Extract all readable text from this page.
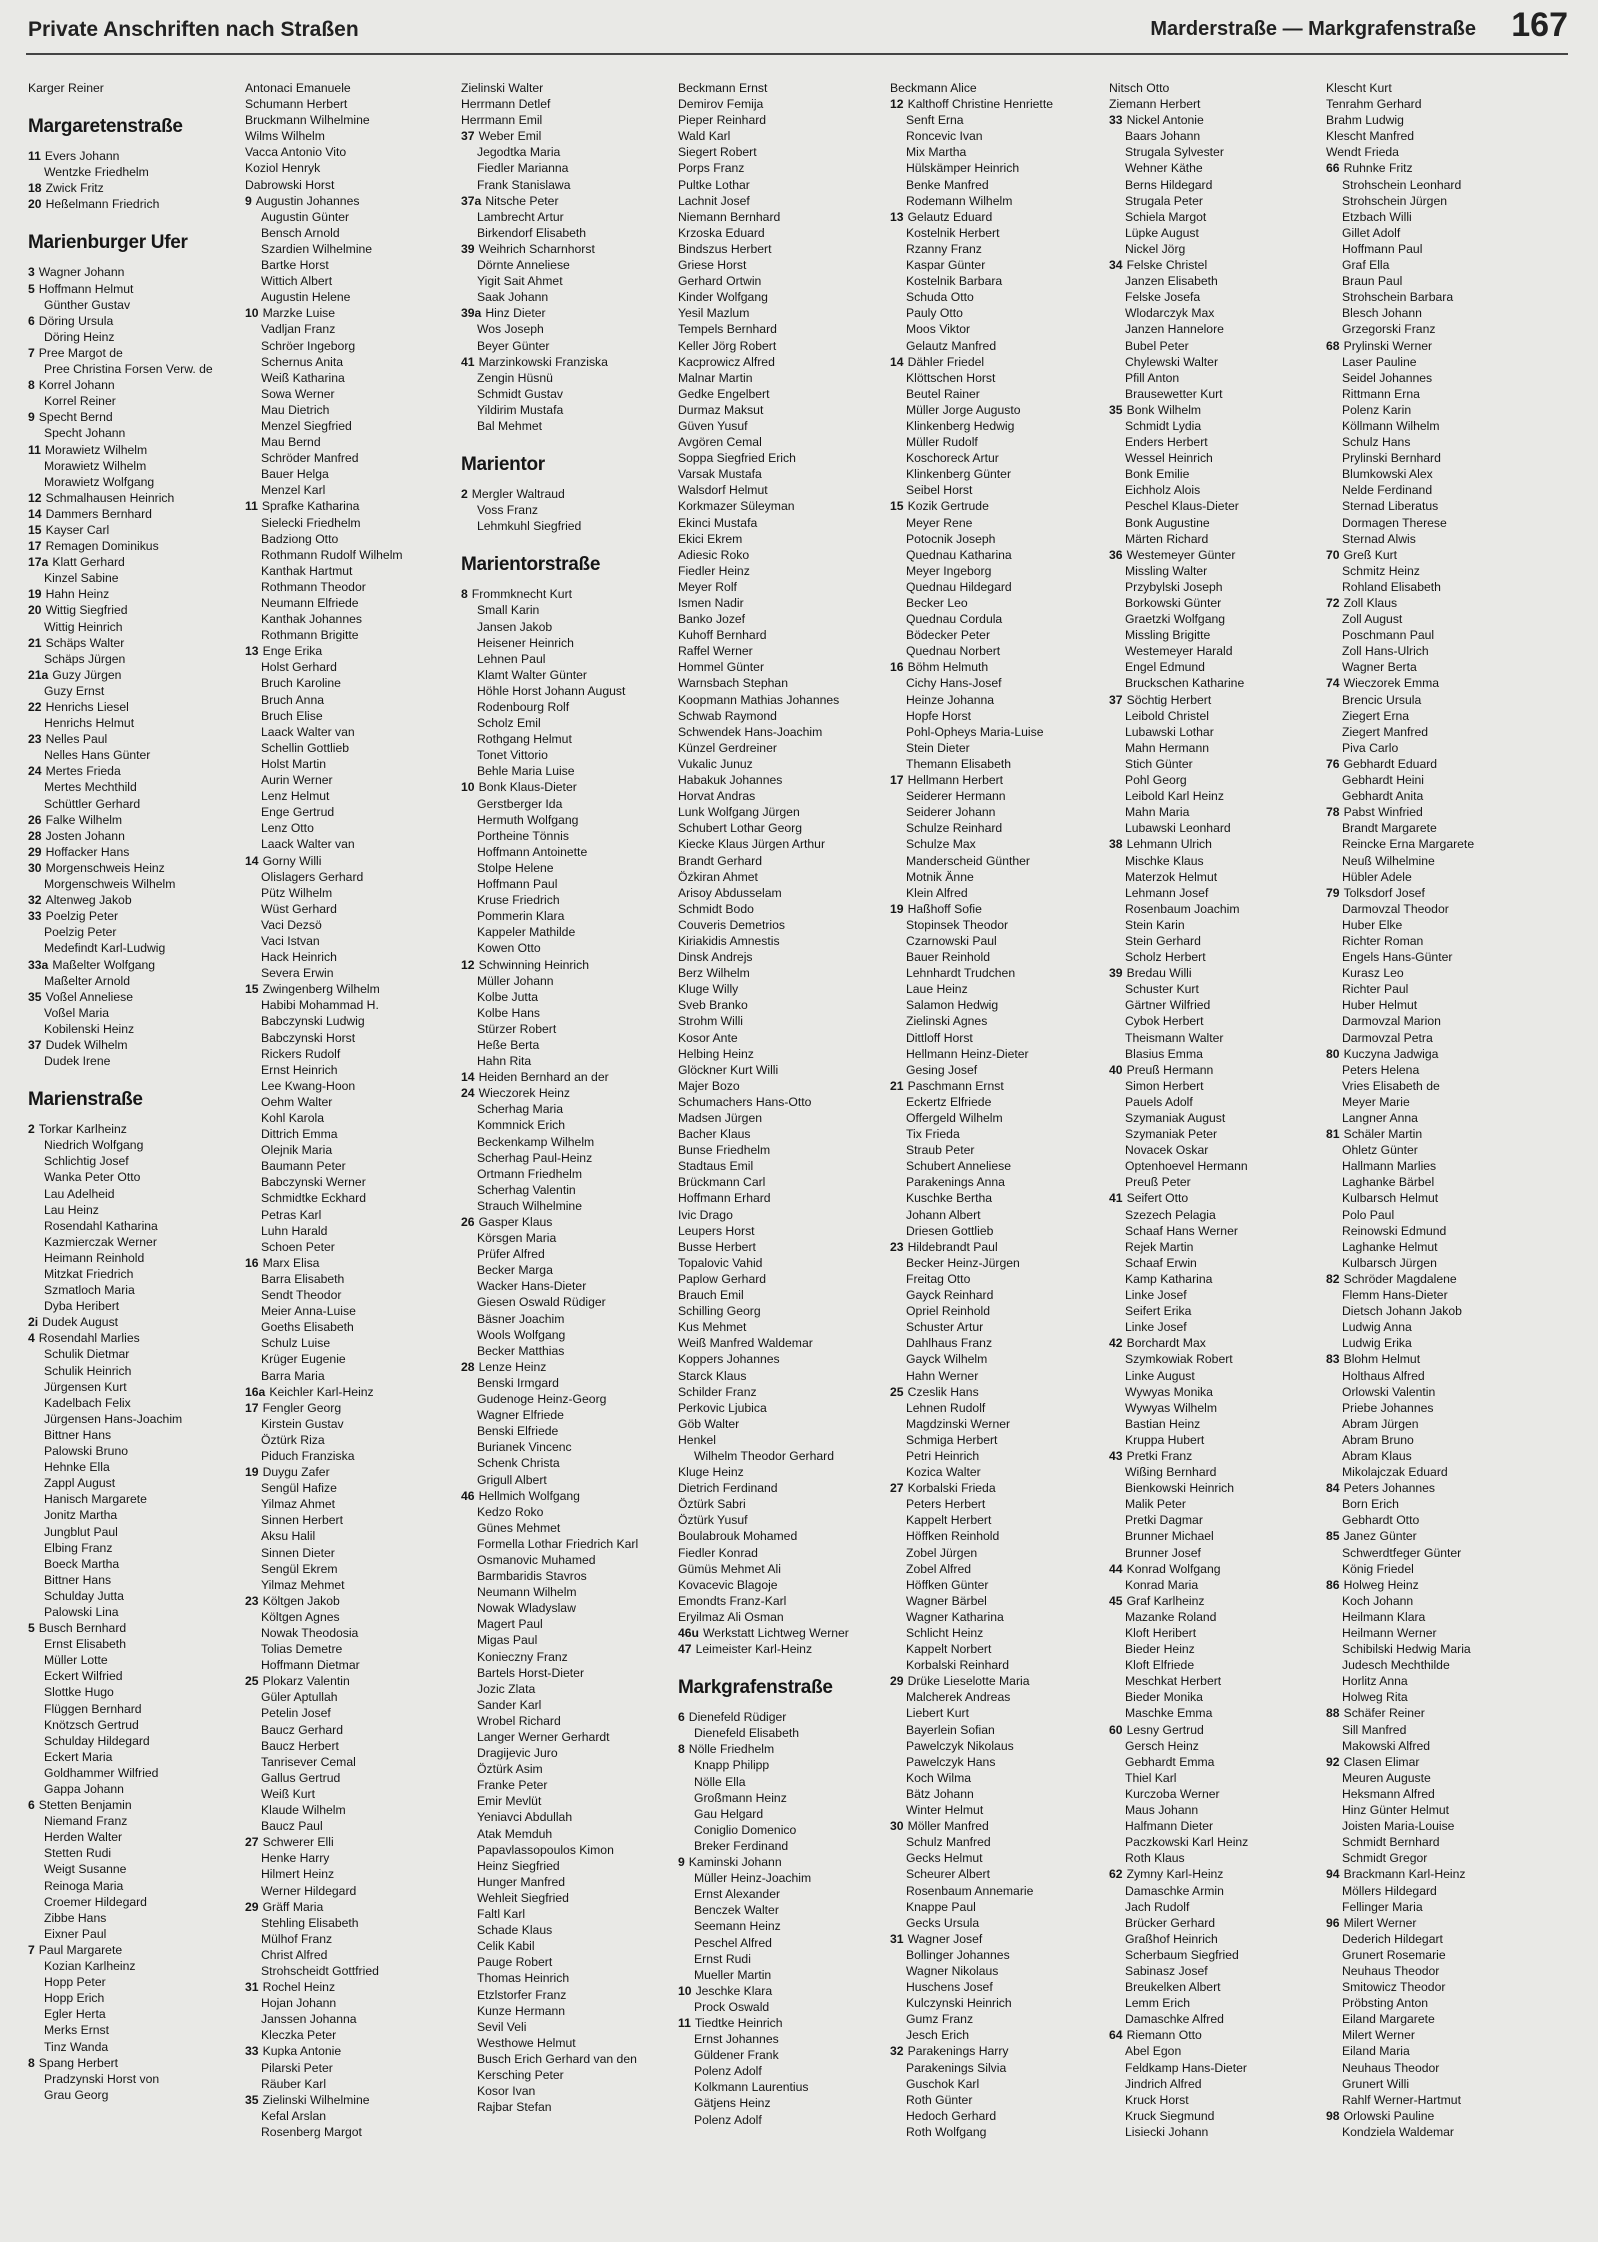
Private Anschriften nach Straßen	Marderstraße — Markgrafenstraße 167
Karger Reiner
Margaretenstraße
11 Evers Johann
Wentzke Friedhelm
18 Zwick Fritz
20 Heßelmann Friedrich
Marienburger Ufer
3 Wagner Johann
5 Hoffmann Helmut
Günther Gustav
6 Döring Ursula
Döring Heinz
7 Pree Margot de
Pree Christina Forsen Verw. de
8 Korrel Johann
Korrel Reiner
9 Specht Bernd
Specht Johann
11 Morawietz Wilhelm
Morawietz Wilhelm
Morawietz Wolfgang
12 Schmalhausen Heinrich
14 Dammers Bernhard
15 Kayser Carl
17 Remagen Dominikus
17a Klatt Gerhard
Kinzel Sabine
19 Hahn Heinz
20 Wittig Siegfried
Wittig Heinrich
21 Schäps Walter
Schäps Jürgen
21a Guzy Jürgen
Guzy Ernst
22 Henrichs Liesel
Henrichs Helmut
23 Nelles Paul
Nelles Hans Günter
24 Mertes Frieda
Mertes Mechthild
Schüttler Gerhard
26 Falke Wilhelm
28 Josten Johann
29 Hoffacker Hans
30 Morgenschweis Heinz
Morgenschweis Wilhelm
32 Altenweg Jakob
33 Poelzig Peter
Poelzig Peter
Medefindt Karl-Ludwig
33a Maßelter Wolfgang
Maßelter Arnold
35 Voßel Anneliese
Voßel Maria
Kobilenski Heinz
37 Dudek Wilhelm
Dudek Irene
Marienstraße
2 Torkar Karlheinz
Niedrich Wolfgang
Schlichtig Josef
Wanka Peter Otto
Lau Adelheid
Lau Heinz
Rosendahl Katharina
Kazmierczak Werner
Heimann Reinhold
Mitzkat Friedrich
Szmatloch Maria
Dyba Heribert
2i Dudek August
4 Rosendahl Marlies
Schulik Dietmar
Schulik Heinrich
Jürgensen Kurt
Kadelbach Felix
Jürgensen Hans-Joachim
Bittner Hans
Palowski Bruno
Hehnke Ella
Zappl August
Hanisch Margarete
Jonitz Martha
Jungblut Paul
Elbing Franz
Boeck Martha
Bittner Hans
Schulday Jutta
Palowski Lina
5 Busch Bernhard
Ernst Elisabeth
Müller Lotte
Eckert Wilfried
Slottke Hugo
Flüggen Bernhard
Knötzsch Gertrud
Schulday Hildegard
Eckert Maria
Goldhammer Wilfried
Gappa Johann
6 Stetten Benjamin
Niemand Franz
Herden Walter
Stetten Rudi
Weigt Susanne
Reinoga Maria
Croemer Hildegard
Zibbe Hans
Eixner Paul
7 Paul Margarete
Kozian Karlheinz
Hopp Peter
Hopp Erich
Egler Herta
Merks Ernst
Tinz Wanda
8 Spang Herbert
Pradzynski Horst von
Grau Georg
Antonaci Emanuele
Schumann Herbert
Bruckmann Wilhelmine
Wilms Wilhelm
Vacca Antonio Vito
Koziol Henryk
Dabrowski Horst
9 Augustin Johannes
Augustin Günter
Bensch Arnold
Szardien Wilhelmine
Bartke Horst
Wittich Albert
Augustin Helene
10 Marzke Luise
Vadljan Franz
Schröer Ingeborg
Schernus Anita
Weiß Katharina
Sowa Werner
Mau Dietrich
Menzel Siegfried
Mau Bernd
Schröder Manfred
Bauer Helga
Menzel Karl
11 Sprafke Katharina
Sielecki Friedhelm
Badziong Otto
Rothmann Rudolf Wilhelm
Kanthak Hartmut
Rothmann Theodor
Neumann Elfriede
Kanthak Johannes
Rothmann Brigitte
13 Enge Erika
Holst Gerhard
Bruch Karoline
Bruch Anna
Bruch Elise
Laack Walter van
Schellin Gottlieb
Holst Martin
Aurin Werner
Lenz Helmut
Enge Gertrud
Lenz Otto
Laack Walter van
14 Gorny Willi
Olislagers Gerhard
Pütz Wilhelm
Wüst Gerhard
Vaci Dezsö
Vaci Istvan
Hack Heinrich
Severa Erwin
15 Zwingenberg Wilhelm
Habibi Mohammad H.
Babczynski Ludwig
Babczynski Horst
Rickers Rudolf
Ernst Heinrich
Lee Kwang-Hoon
Oehm Walter
Kohl Karola
Dittrich Emma
Olejnik Maria
Baumann Peter
Babczynski Werner
Schmidtke Eckhard
Petras Karl
Luhn Harald
Schoen Peter
16 Marx Elisa
Barra Elisabeth
Sendt Theodor
Meier Anna-Luise
Goeths Elisabeth
Schulz Luise
Krüger Eugenie
Barra Maria
16a Keichler Karl-Heinz
17 Fengler Georg
Kirstein Gustav
Öztürk Riza
Piduch Franziska
19 Duygu Zafer
Sengül Hafize
Yilmaz Ahmet
Sinnen Herbert
Aksu Halil
Sinnen Dieter
Sengül Ekrem
Yilmaz Mehmet
23 Költgen Jakob
Költgen Agnes
Nowak Theodosia
Tolias Demetre
Hoffmann Dietmar
25 Plokarz Valentin
Güler Aptullah
Petelin Josef
Baucz Gerhard
Baucz Herbert
Tanrisever Cemal
Gallus Gertrud
Weiß Kurt
Klaude Wilhelm
Baucz Paul
27 Schwerer Elli
Henke Harry
Hilmert Heinz
Werner Hildegard
29 Gräff Maria
Stehling Elisabeth
Mülhof Franz
Christ Alfred
Strohscheidt Gottfried
31 Rochel Heinz
Hojan Johann
Janssen Johanna
Kleczka Peter
33 Kupka Antonie
Pilarski Peter
Räuber Karl
35 Zielinski Wilhelmine
Kefal Arslan
Rosenberg Margot
Zielinski Walter
Herrmann Detlef
Herrmann Emil
37 Weber Emil
Jegodtka Maria
Fiedler Marianna
Frank Stanislawa
37a Nitsche Peter
Lambrecht Artur
Birkendorf Elisabeth
39 Weihrich Scharnhorst
Dörnte Anneliese
Yigit Sait Ahmet
Saak Johann
39a Hinz Dieter
Wos Joseph
Beyer Günter
41 Marzinkowski Franziska
Zengin Hüsnü
Schmidt Gustav
Yildirim Mustafa
Bal Mehmet
Marientor
2 Mergler Waltraud
Voss Franz
Lehmkuhl Siegfried
Marientorstraße
8 Frommknecht Kurt
Small Karin
Jansen Jakob
Heisener Heinrich
Lehnen Paul
Klamt Walter Günter
Höhle Horst Johann August
Rodenbourg Rolf
Scholz Emil
Rothgang Helmut
Tonet Vittorio
Behle Maria Luise
10 Bonk Klaus-Dieter
Gerstberger Ida
Hermuth Wolfgang
Portheine Tönnis
Hoffmann Antoinette
Stolpe Helene
Hoffmann Paul
Kruse Friedrich
Pommerin Klara
Kappeler Mathilde
Kowen Otto
12 Schwinning Heinrich
Müller Johann
Kolbe Jutta
Kolbe Hans
Stürzer Robert
Heße Berta
Hahn Rita
14 Heiden Bernhard an der
24 Wieczorek Heinz
Scherhag Maria
Kommnick Erich
Beckenkamp Wilhelm
Scherhag Paul-Heinz
Ortmann Friedhelm
Scherhag Valentin
Strauch Wilhelmine
26 Gasper Klaus
Körsgen Maria
Prüfer Alfred
Becker Marga
Wacker Hans-Dieter
Giesen Oswald Rüdiger
Bäsner Joachim
Wools Wolfgang
Becker Matthias
28 Lenze Heinz
Benski Irmgard
Gudenoge Heinz-Georg
Wagner Elfriede
Benski Elfriede
Burianek Vincenc
Schenk Christa
Grigull Albert
46 Hellmich Wolfgang
Kedzo Roko
Günes Mehmet
Formella Lothar Friedrich Karl
Osmanovic Muhamed
Barmbaridis Stavros
Neumann Wilhelm
Nowak Wladyslaw
Magert Paul
Migas Paul
Konieczny Franz
Bartels Horst-Dieter
Jozic Zlata
Sander Karl
Wrobel Richard
Langer Werner Gerhardt
Dragijevic Juro
Öztürk Asim
Franke Peter
Emir Mevlüt
Yeniavci Abdullah
Atak Memduh
Papavlassopoulos Kimon
Heinz Siegfried
Hunger Manfred
Wehleit Siegfried
Faltl Karl
Schade Klaus
Celik Kabil
Pauge Robert
Thomas Heinrich
Etzlstorfer Franz
Kunze Hermann
Sevil Veli
Westhowe Helmut
Busch Erich Gerhard van den
Kersching Peter
Kosor Ivan
Rajbar Stefan
Beckmann Ernst
Demirov Femija
Pieper Reinhard
Wald Karl
Siegert Robert
Porps Franz
Pultke Lothar
Lachnit Josef
Niemann Bernhard
Krzoska Eduard
Bindszus Herbert
Griese Horst
Gerhard Ortwin
Kinder Wolfgang
Yesil Mazlum
Tempels Bernhard
Keller Jörg Robert
Kacprowicz Alfred
Malnar Martin
Gedke Engelbert
Durmaz Maksut
Güven Yusuf
Avgören Cemal
Soppa Siegfried Erich
Varsak Mustafa
Walsdorf Helmut
Korkmazer Süleyman
Ekinci Mustafa
Ekici Ekrem
Adiesic Roko
Fiedler Heinz
Meyer Rolf
Ismen Nadir
Banko Jozef
Kuhoff Bernhard
Raffel Werner
Hommel Günter
Warnsbach Stephan
Koopmann Mathias Johannes
Schwab Raymond
Schwendek Hans-Joachim
Künzel Gerdreiner
Vukalic Junuz
Habakuk Johannes
Horvat Andras
Lunk Wolfgang Jürgen
Schubert Lothar Georg
Kiecke Klaus Jürgen Arthur
Brandt Gerhard
Özkiran Ahmet
Arisoy Abdusselam
Schmidt Bodo
Couveris Demetrios
Kiriakidis Amnestis
Dinsk Andrejs
Berz Wilhelm
Kluge Willy
Sveb Branko
Strohm Willi
Kosor Ante
Helbing Heinz
Glöckner Kurt Willi
Majer Bozo
Schumachers Hans-Otto
Madsen Jürgen
Bacher Klaus
Bunse Friedhelm
Stadtaus Emil
Brückmann Carl
Hoffmann Erhard
Ivic Drago
Leupers Horst
Busse Herbert
Topalovic Vahid
Paplow Gerhard
Brauch Emil
Schilling Georg
Kus Mehmet
Weiß Manfred Waldemar
Koppers Johannes
Starck Klaus
Schilder Franz
Perkovic Ljubica
Göb Walter
Henkel
Wilhelm Theodor Gerhard
Kluge Heinz
Dietrich Ferdinand
Öztürk Sabri
Öztürk Yusuf
Boulabrouk Mohamed
Fiedler Konrad
Gümüs Mehmet Ali
Kovacevic Blagoje
Emondts Franz-Karl
Eryilmaz Ali Osman
46u Werkstatt Lichtweg Werner
47 Leimeister Karl-Heinz
Markgrafenstraße
6 Dienefeld Rüdiger
Dienefeld Elisabeth
8 Nölle Friedhelm
Knapp Philipp
Nölle Ella
Großmann Heinz
Gau Helgard
Coniglio Domenico
Breker Ferdinand
9 Kaminski Johann
Müller Heinz-Joachim
Ernst Alexander
Benczek Walter
Seemann Heinz
Peschel Alfred
Ernst Rudi
Mueller Martin
10 Jeschke Klara
Prock Oswald
11 Tiedtke Heinrich
Ernst Johannes
Güldener Frank
Polenz Adolf
Kolkmann Laurentius
Gätjens Heinz
Polenz Adolf
Beckmann Alice
12 Kalthoff Christine Henriette
Senft Erna
Roncevic Ivan
Mix Martha
Hülskämper Heinrich
Benke Manfred
Rodemann Wilhelm
13 Gelautz Eduard
Kostelnik Herbert
Rzanny Franz
Kaspar Günter
Kostelnik Barbara
Schuda Otto
Pauly Otto
Moos Viktor
Gelautz Manfred
14 Dähler Friedel
Klöttschen Horst
Beutel Rainer
Müller Jorge Augusto
Klinkenberg Hedwig
Müller Rudolf
Koschoreck Artur
Klinkenberg Günter
Seibel Horst
15 Kozik Gertrude
Meyer Rene
Potocnik Joseph
Quednau Katharina
Meyer Ingeborg
Quednau Hildegard
Becker Leo
Quednau Cordula
Bödecker Peter
Quednau Norbert
16 Böhm Helmuth
Cichy Hans-Josef
Heinze Johanna
Hopfe Horst
Pohl-Opheys Maria-Luise
Stein Dieter
Themann Elisabeth
17 Hellmann Herbert
Seiderer Hermann
Seiderer Johann
Schulze Reinhard
Schulze Max
Manderscheid Günther
Motnik Änne
Klein Alfred
19 Haßhoff Sofie
Stopinsek Theodor
Czarnowski Paul
Bauer Reinhold
Lehnhardt Trudchen
Laue Heinz
Salamon Hedwig
Zielinski Agnes
Dittloff Horst
Hellmann Heinz-Dieter
Gesing Josef
21 Paschmann Ernst
Eckertz Elfriede
Offergeld Wilhelm
Tix Frieda
Straub Peter
Schubert Anneliese
Parakenings Anna
Kuschke Bertha
Johann Albert
Driesen Gottlieb
23 Hildebrandt Paul
Becker Heinz-Jürgen
Freitag Otto
Gayck Reinhard
Opriel Reinhold
Schuster Artur
Dahlhaus Franz
Gayck Wilhelm
Hahn Werner
25 Czeslik Hans
Lehnen Rudolf
Magdzinski Werner
Schmiga Herbert
Petri Heinrich
Kozica Walter
27 Korbalski Frieda
Peters Herbert
Kappelt Herbert
Höffken Reinhold
Zobel Jürgen
Zobel Alfred
Höffken Günter
Wagner Bärbel
Wagner Katharina
Schlicht Heinz
Kappelt Norbert
Korbalski Reinhard
29 Drüke Lieselotte Maria
Malcherek Andreas
Liebert Kurt
Bayerlein Sofian
Pawelczyk Nikolaus
Pawelczyk Hans
Koch Wilma
Bätz Johann
Winter Helmut
30 Möller Manfred
Schulz Manfred
Gecks Helmut
Scheurer Albert
Rosenbaum Annemarie
Knappe Paul
Gecks Ursula
31 Wagner Josef
Bollinger Johannes
Wagner Nikolaus
Huschens Josef
Kulczynski Heinrich
Gumz Franz
Jesch Erich
32 Parakenings Harry
Parakenings Silvia
Guschok Karl
Roth Günter
Hedoch Gerhard
Roth Wolfgang
Nitsch Otto
Ziemann Herbert
33 Nickel Antonie
Baars Johann
Strugala Sylvester
Wehner Käthe
Berns Hildegard
Strugala Peter
Schiela Margot
Lüpke August
Nickel Jörg
34 Felske Christel
Janzen Elisabeth
Felske Josefa
Wlodarczyk Max
Janzen Hannelore
Bubel Peter
Chylewski Walter
Pfill Anton
Brausewetter Kurt
35 Bonk Wilhelm
Schmidt Lydia
Enders Herbert
Wessel Heinrich
Bonk Emilie
Eichholz Alois
Peschel Klaus-Dieter
Bonk Augustine
Märten Richard
36 Westemeyer Günter
Missling Walter
Przybylski Joseph
Borkowski Günter
Graetzki Wolfgang
Missling Brigitte
Westemeyer Harald
Engel Edmund
Bruckschen Katharine
37 Söchtig Herbert
Leibold Christel
Lubawski Lothar
Mahn Hermann
Stich Günter
Pohl Georg
Leibold Karl Heinz
Mahn Maria
Lubawski Leonhard
38 Lehmann Ulrich
Mischke Klaus
Materzok Helmut
Lehmann Josef
Rosenbaum Joachim
Stein Karin
Stein Gerhard
Scholz Herbert
39 Bredau Willi
Schuster Kurt
Gärtner Wilfried
Cybok Herbert
Theismann Walter
Blasius Emma
40 Preuß Hermann
Simon Herbert
Pauels Adolf
Szymaniak August
Szymaniak Peter
Novacek Oskar
Optenhoevel Hermann
Preuß Peter
41 Seifert Otto
Szezech Pelagia
Schaaf Hans Werner
Rejek Martin
Schaaf Erwin
Kamp Katharina
Linke Josef
Seifert Erika
Linke Josef
42 Borchardt Max
Szymkowiak Robert
Linke August
Wywyas Monika
Wywyas Wilhelm
Bastian Heinz
Kruppa Hubert
43 Pretki Franz
Wißing Bernhard
Bienkowski Heinrich
Malik Peter
Pretki Dagmar
Brunner Michael
Brunner Josef
44 Konrad Wolfgang
Konrad Maria
45 Graf Karlheinz
Mazanke Roland
Kloft Heribert
Bieder Heinz
Kloft Elfriede
Meschkat Herbert
Bieder Monika
Maschke Emma
60 Lesny Gertrud
Gersch Heinz
Gebhardt Emma
Thiel Karl
Kurczoba Werner
Maus Johann
Halfmann Dieter
Paczkowski Karl Heinz
Roth Klaus
62 Zymny Karl-Heinz
Damaschke Armin
Jach Rudolf
Brücker Gerhard
Graßhof Heinrich
Scherbaum Siegfried
Sabinasz Josef
Breukelken Albert
Lemm Erich
Damaschke Alfred
64 Riemann Otto
Abel Egon
Feldkamp Hans-Dieter
Jindrich Alfred
Kruck Horst
Kruck Siegmund
Lisiecki Johann
Klescht Kurt
Tenrahm Gerhard
Brahm Ludwig
Klescht Manfred
Wendt Frieda
66 Ruhnke Fritz
Strohschein Leonhard
Strohschein Jürgen
Etzbach Willi
Gillet Adolf
Hoffmann Paul
Graf Ella
Braun Paul
Strohschein Barbara
Blesch Johann
Grzegorski Franz
68 Prylinski Werner
Laser Pauline
Seidel Johannes
Rittmann Erna
Polenz Karin
Köllmann Wilhelm
Schulz Hans
Prylinski Bernhard
Blumkowski Alex
Nelde Ferdinand
Sternad Liberatus
Dormagen Therese
Sternad Alwis
70 Greß Kurt
Schmitz Heinz
Rohland Elisabeth
72 Zoll Klaus
Zoll August
Poschmann Paul
Zoll Hans-Ulrich
Wagner Berta
74 Wieczorek Emma
Brencic Ursula
Ziegert Erna
Ziegert Manfred
Piva Carlo
76 Gebhardt Eduard
Gebhardt Heini
Gebhardt Anita
78 Pabst Winfried
Brandt Margarete
Reincke Erna Margarete
Neuß Wilhelmine
Hübler Adele
79 Tolksdorf Josef
Darmovzal Theodor
Huber Elke
Richter Roman
Engels Hans-Günter
Kurasz Leo
Richter Paul
Huber Helmut
Darmovzal Marion
Darmovzal Petra
80 Kuczyna Jadwiga
Peters Helena
Vries Elisabeth de
Meyer Marie
Langner Anna
81 Schäler Martin
Ohletz Günter
Hallmann Marlies
Laghanke Bärbel
Kulbarsch Helmut
Polo Paul
Reinowski Edmund
Laghanke Helmut
Kulbarsch Jürgen
82 Schröder Magdalene
Flemm Hans-Dieter
Dietsch Johann Jakob
Ludwig Anna
Ludwig Erika
83 Blohm Helmut
Holthaus Alfred
Orlowski Valentin
Priebe Johannes
Abram Jürgen
Abram Bruno
Abram Klaus
Mikolajczak Eduard
84 Peters Johannes
Born Erich
Gebhardt Otto
85 Janez Günter
Schwerdtfeger Günter
König Friedel
86 Holweg Heinz
Koch Johann
Heilmann Klara
Heilmann Werner
Schibilski Hedwig Maria
Judesch Mechthilde
Horlitz Anna
Holweg Rita
88 Schäfer Reiner
Sill Manfred
Makowski Alfred
92 Clasen Elimar
Meuren Auguste
Heksmann Alfred
Hinz Günter Helmut
Joisten Maria-Louise
Schmidt Bernhard
Schmidt Gregor
94 Brackmann Karl-Heinz
Möllers Hildegard
Fellinger Maria
96 Milert Werner
Dederich Hildegart
Grunert Rosemarie
Neuhaus Theodor
Smitowicz Theodor
Pröbsting Anton
Eiland Margarete
Milert Werner
Eiland Maria
Neuhaus Theodor
Grunert Willi
Rahlf Werner-Hartmut
98 Orlowski Pauline
Kondziela Waldemar
